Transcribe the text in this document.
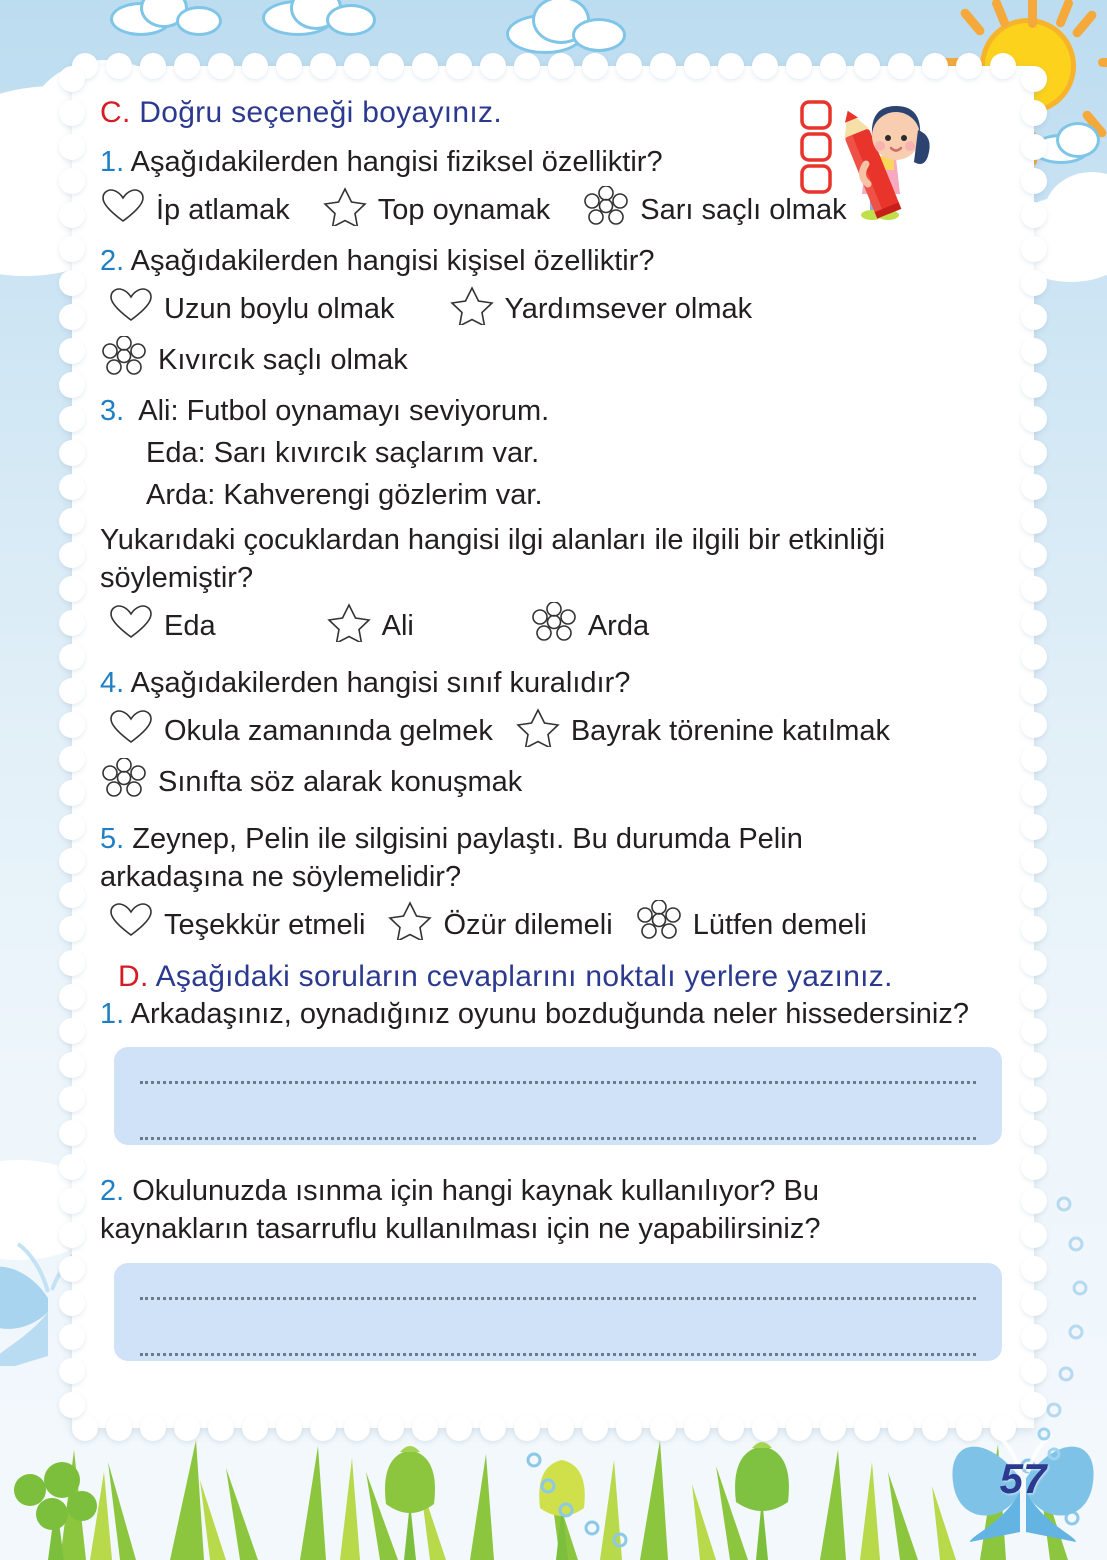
C. Doğru seçeneği boyayınız.
1. Aşağıdakilerden hangisi fiziksel özelliktir?
İp atlamak	Top oynamak	Sarı saçlı olmak
2. Aşağıdakilerden hangisi kişisel özelliktir?
Uzun boylu olmak	Yardımsever olmak
Kıvırcık saçlı olmak
3. Ali: Futbol oynamayı seviyorum.
Eda: Sarı kıvırcık saçlarım var.
Arda: Kahverengi gözlerim var.
Yukarıdaki çocuklardan hangisi ilgi alanları ile ilgili bir etkinliği söylemiştir?
Eda	Ali	Arda
4. Aşağıdakilerden hangisi sınıf kuralıdır?
Okula zamanında gelmek	Bayrak törenine katılmak
Sınıfta söz alarak konuşmak
5. Zeynep, Pelin ile silgisini paylaştı. Bu durumda Pelin arkadaşına ne söylemelidir?
Teşekkür etmeli	Özür dilemeli	Lütfen demeli
D. Aşağıdaki soruların cevaplarını noktalı yerlere yazınız.
1. Arkadaşınız, oynadığınız oyunu bozduğunda neler hissedersiniz?
2. Okulunuzda ısınma için hangi kaynak kullanılıyor? Bu kaynakların tasarruflu kullanılması için ne yapabilirsiniz?
57
